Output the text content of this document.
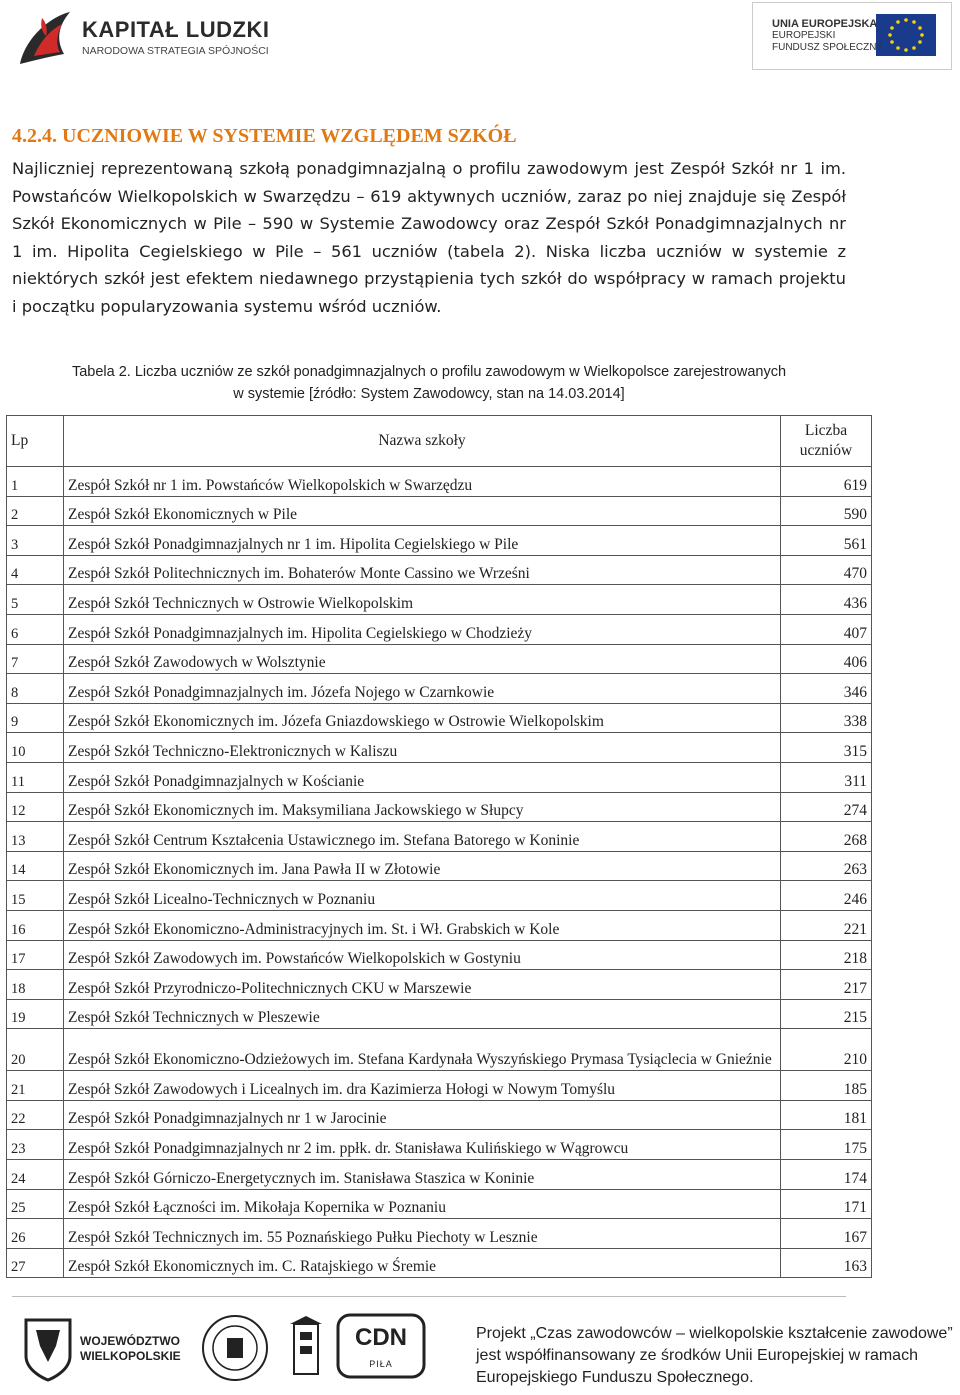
KAPITAŁ LUDZKI
NARODOWA STRATEGIA SPÓJNOŚCI
UNIA EUROPEJSKA
EUROPEJSKI
FUNDUSZ SPOŁECZNY
4.2.4. UCZNIOWIE W SYSTEMIE WZGLĘDEM SZKÓŁ

Najliczniej reprezentowaną szkołą ponadgimnazjalną o profilu zawodowym jest Zespół Szkół nr 1 im. Powstańców Wielkopolskich w Swarzędzu – 619 aktywnych uczniów, zaraz po niej znajduje się Zespół Szkół Ekonomicznych w Pile – 590 w Systemie Zawodowcy oraz Zespół Szkół Ponadgimnazjalnych nr 1 im. Hipolita Cegielskiego w Pile – 561 uczniów (tabela 2). Niska liczba uczniów w systemie z niektórych szkół jest efektem niedawnego przystąpienia tych szkół do współpracy w ramach projektu i początku popularyzowania systemu wśród uczniów.

Tabela 2. Liczba uczniów ze szkół ponadgimnazjalnych o profilu zawodowym w Wielkopolsce zarejestrowanych
w systemie [źródło: System Zawodowcy, stan na 14.03.2014]
Lp	Nazwa szkoły	Liczba
uczniów

1	Zespół Szkół nr 1 im. Powstańców Wielkopolskich w Swarzędzu	619
2	Zespół Szkół Ekonomicznych w Pile	590
3	Zespół Szkół Ponadgimnazjalnych nr 1 im. Hipolita Cegielskiego w Pile	561
4	Zespół Szkół Politechnicznych im. Bohaterów Monte Cassino we Wrześni	470
5	Zespół Szkół Technicznych w Ostrowie Wielkopolskim	436
6	Zespół Szkół Ponadgimnazjalnych im. Hipolita Cegielskiego w Chodzieży	407
7	Zespół Szkół Zawodowych w Wolsztynie	406
8	Zespół Szkół Ponadgimnazjalnych im. Józefa Nojego w Czarnkowie	346
9	Zespół Szkół Ekonomicznych im. Józefa Gniazdowskiego w Ostrowie Wielkopolskim	338
10	Zespół Szkół Techniczno-Elektronicznych w Kaliszu	315
11	Zespół Szkół Ponadgimnazjalnych w Kościanie	311
12	Zespół Szkół Ekonomicznych im. Maksymiliana Jackowskiego w Słupcy	274
13	Zespół Szkół Centrum Kształcenia Ustawicznego im. Stefana Batorego w Koninie	268
14	Zespół Szkół Ekonomicznych im. Jana Pawła II w Złotowie	263
15	Zespół Szkół Licealno-Technicznych w Poznaniu	246
16	Zespół Szkół Ekonomiczno-Administracyjnych im. St. i Wł. Grabskich w Kole	221
17	Zespół Szkół Zawodowych im. Powstańców Wielkopolskich w Gostyniu	218
18	Zespół Szkół Przyrodniczo-Politechnicznych CKU w Marszewie	217
19	Zespół Szkół Technicznych w Pleszewie	215
20	Zespół Szkół Ekonomiczno-Odzieżowych im. Stefana Kardynała Wyszyńskiego Prymasa Tysiąclecia w Gnieźnie	210
21	Zespół Szkół Zawodowych i Licealnych im. dra Kazimierza Hołogi w Nowym Tomyślu	185
22	Zespół Szkół Ponadgimnazjalnych nr 1 w Jarocinie	181
23	Zespół Szkół Ponadgimnazjalnych nr 2 im. ppłk. dr. Stanisława Kulińskiego w Wągrowcu	175
24	Zespół Szkół Górniczo-Energetycznych im. Stanisława Staszica w Koninie	174
25	Zespół Szkół Łączności im. Mikołaja Kopernika w Poznaniu	171
26	Zespół Szkół Technicznych im. 55 Poznańskiego Pułku Piechoty w Lesznie	167
27	Zespół Szkół Ekonomicznych im. C. Ratajskiego w Śremie	163
WOJEWÓDZTWO
WIELKOPOLSKIE
CDN
PIŁA
Projekt „Czas zawodowców – wielkopolskie kształcenie zawodowe”
jest współfinansowany ze środków Unii Europejskiej w ramach
Europejskiego Funduszu Społecznego.
